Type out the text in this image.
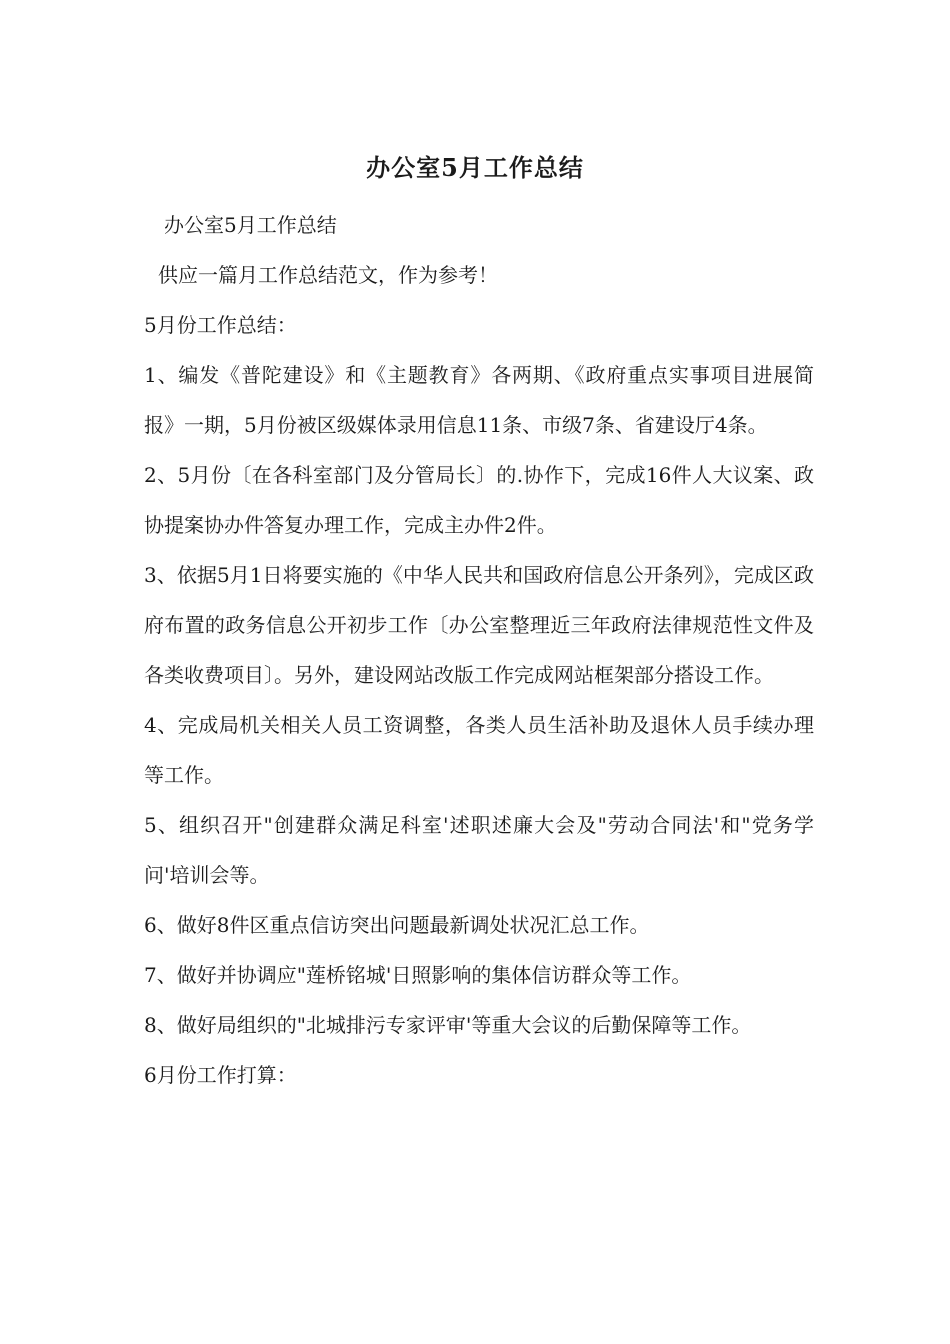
办公室5月工作总结

办公室5月工作总结

供应一篇月工作总结范文，作为参考！

5月份工作总结：

1、编发《普陀建设》和《主题教育》各两期、《政府重点实事项目进展简报》一期，5月份被区级媒体录用信息11条、市级7条、省建设厅4条。

2、5月份〔在各科室部门及分管局长〕的.协作下，完成16件人大议案、政协提案协办件答复办理工作，完成主办件2件。

3、依据5月1日将要实施的《中华人民共和国政府信息公开条列》，完成区政府布置的政务信息公开初步工作〔办公室整理近三年政府法律规范性文件及各类收费项目〕。另外，建设网站改版工作完成网站框架部分搭设工作。

4、完成局机关相关人员工资调整，各类人员生活补助及退休人员手续办理等工作。

5、组织召开"创建群众满足科室'述职述廉大会及"劳动合同法'和"党务学问'培训会等。

6、做好8件区重点信访突出问题最新调处状况汇总工作。

7、做好并协调应"莲桥铭城'日照影响的集体信访群众等工作。

8、做好局组织的"北城排污专家评审'等重大会议的后勤保障等工作。

6月份工作打算：
